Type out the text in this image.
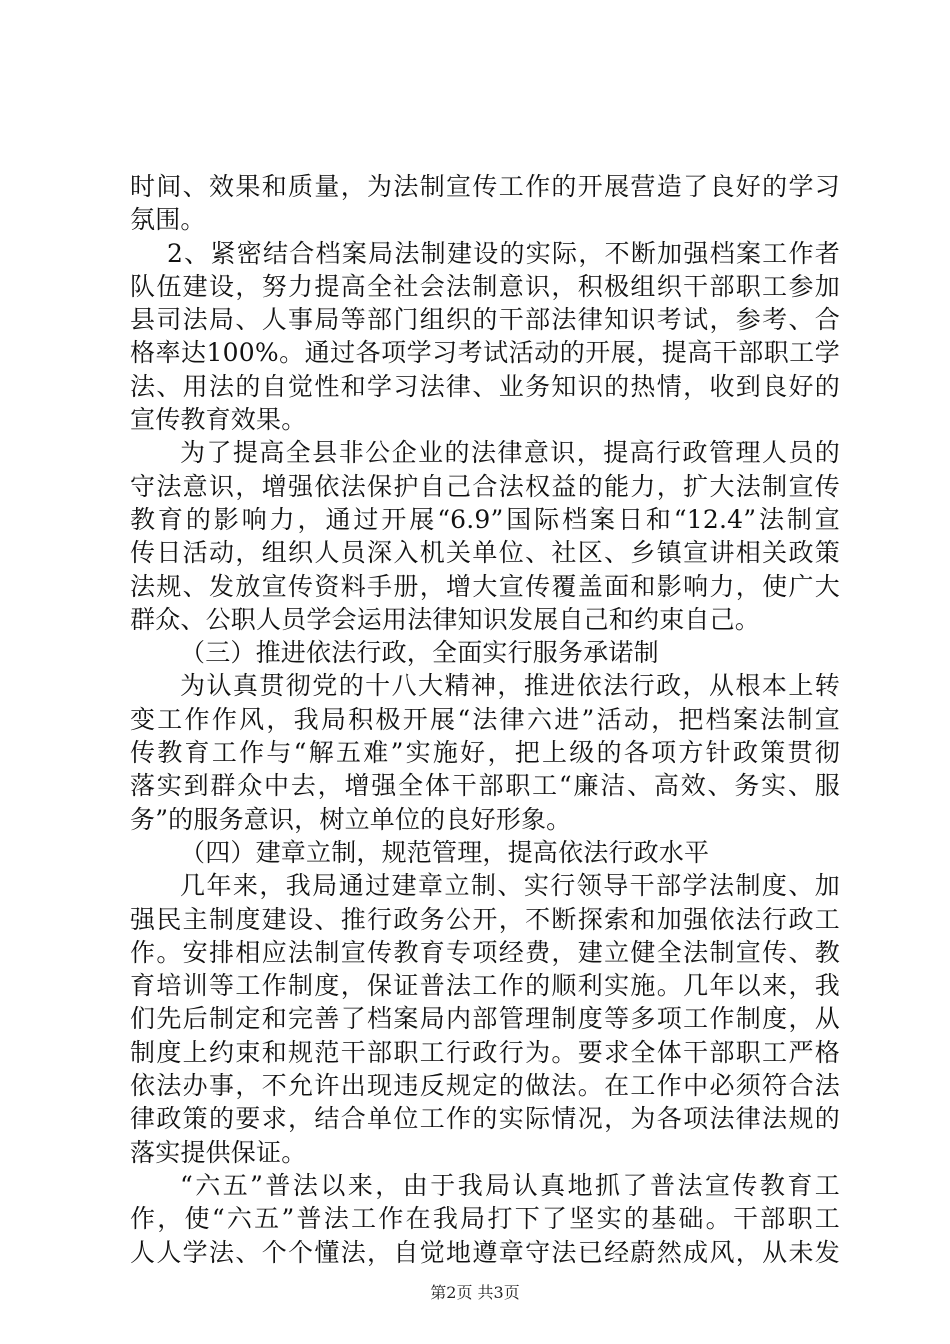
时间、效果和质量，为法制宣传工作的开展营造了良好的学习
氛围。
2、紧密结合档案局法制建设的实际，不断加强档案工作者
队伍建设，努力提高全社会法制意识，积极组织干部职工参加
县司法局、人事局等部门组织的干部法律知识考试，参考、合
格率达100%。通过各项学习考试活动的开展，提高干部职工学
法、用法的自觉性和学习法律、业务知识的热情，收到良好的
宣传教育效果。
为了提高全县非公企业的法律意识，提高行政管理人员的
守法意识，增强依法保护自己合法权益的能力，扩大法制宣传
教育的影响力，通过开展“6.9”国际档案日和“12.4”法制宣
传日活动，组织人员深入机关单位、社区、乡镇宣讲相关政策
法规、发放宣传资料手册，增大宣传覆盖面和影响力，使广大
群众、公职人员学会运用法律知识发展自己和约束自己。
（三）推进依法行政，全面实行服务承诺制
为认真贯彻党的十八大精神，推进依法行政，从根本上转
变工作作风，我局积极开展“法律六进”活动，把档案法制宣
传教育工作与“解五难”实施好，把上级的各项方针政策贯彻
落实到群众中去，增强全体干部职工“廉洁、高效、务实、服
务”的服务意识，树立单位的良好形象。
（四）建章立制，规范管理，提高依法行政水平
几年来，我局通过建章立制、实行领导干部学法制度、加
强民主制度建设、推行政务公开，不断探索和加强依法行政工
作。安排相应法制宣传教育专项经费，建立健全法制宣传、教
育培训等工作制度，保证普法工作的顺利实施。几年以来，我
们先后制定和完善了档案局内部管理制度等多项工作制度，从
制度上约束和规范干部职工行政行为。要求全体干部职工严格
依法办事，不允许出现违反规定的做法。在工作中必须符合法
律政策的要求，结合单位工作的实际情况，为各项法律法规的
落实提供保证。
“六五”普法以来，由于我局认真地抓了普法宣传教育工
作，使“六五”普法工作在我局打下了坚实的基础。干部职工
人人学法、个个懂法，自觉地遵章守法已经蔚然成风，从未发
第2页 共3页
